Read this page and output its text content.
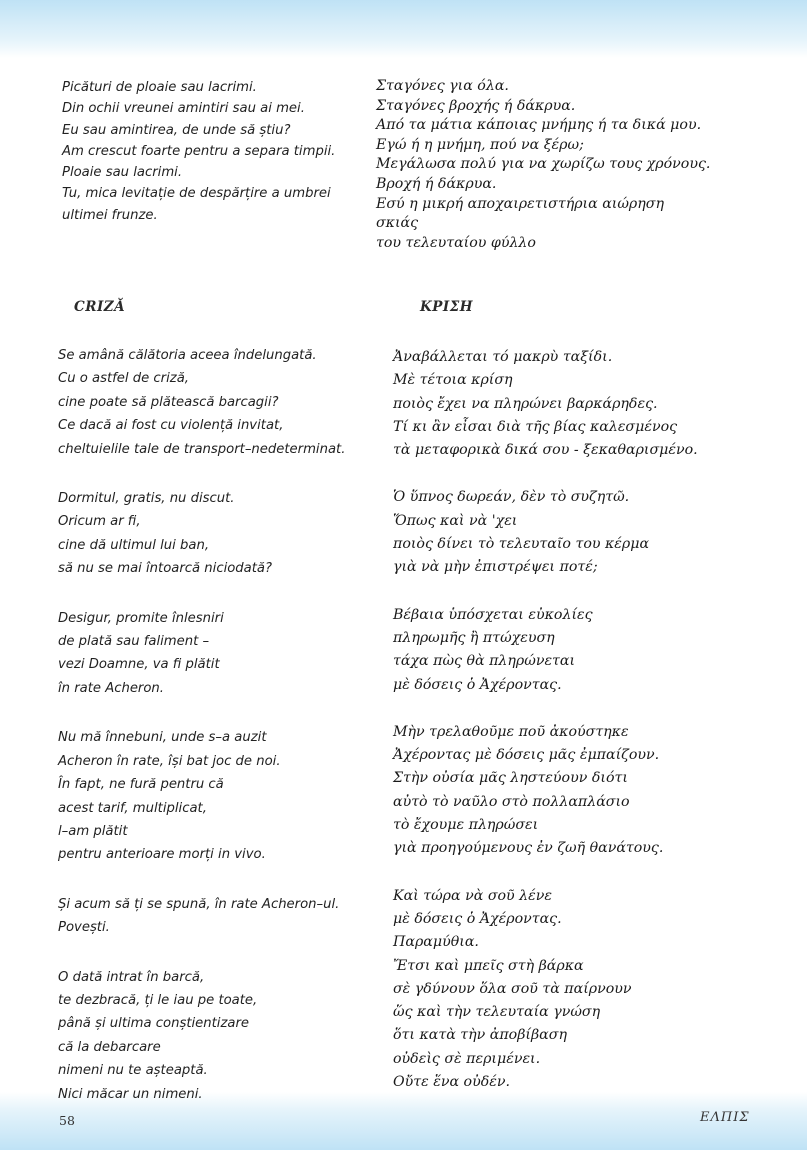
Picături de ploaie sau lacrimi.
Din ochii vreunei amintiri sau ai mei.
Eu sau amintirea, de unde să știu?
Am crescut foarte pentru a separa timpii.
Ploaie sau lacrimi.
Tu, mica levitație de despărțire a umbrei
ultimei frunze.
Σταγόνες για όλα.
Σταγόνες βροχής ή δάκρυα.
Από τα μάτια κάποιας μνήμης ή τα δικά μου.
Εγώ ή η μνήμη, πού να ξέρω;
Μεγάλωσα πολύ για να χωρίζω τους χρόνους.
Βροχή ή δάκρυα.
Εσύ η μικρή αποχαιρετιστήρια αιώρηση
σκιάς
του τελευταίου φύλλο
CRIZĂ	ΚΡΙΣΗ
Se amână călătoria aceea îndelungată.
Cu o astfel de criză,
cine poate să plătească barcagii?
Ce dacă ai fost cu violență invitat,
cheltuielile tale de transport–nedeterminat.
Dormitul, gratis, nu discut.
Oricum ar fi,
cine dă ultimul lui ban,
să nu se mai întoarcă niciodată?
Desigur, promite înlesniri
de plată sau faliment –
vezi Doamne, va fi plătit
în rate Acheron.
Nu mă înnebuni, unde s–a auzit
Acheron în rate, își bat joc de noi.
În fapt, ne fură pentru că
acest tarif, multiplicat,
l–am plătit
pentru anterioare morți in vivo.
Și acum să ți se spună, în rate Acheron–ul.
Povești.
O dată intrat în barcă,
te dezbracă, ți le iau pe toate,
până și ultima conștientizare
că la debarcare
nimeni nu te așteaptă.
Nici măcar un nimeni.
Ἀναβάλλεται τό μακρὺ ταξίδι.
Μὲ τέτοια κρίση
ποιὸς ἔχει να πληρώνει βαρκάρηδες.
Τί κι ἂν εἶσαι διὰ τῆς βίας καλεσμένος
τὰ μεταφορικὰ δικά σου - ξεκαθαρισμένο.
Ὁ ὕπνος δωρεάν, δὲν τὸ συζητῶ.
Ὅπως καὶ νὰ 'χει
ποιὸς δίνει τὸ τελευταῖο του κέρμα
γιὰ νὰ μὴν ἐπιστρέψει ποτέ;
Βέβαια ὑπόσχεται εὐκολίες
πληρωμῆς ἢ πτώχευση
τάχα πὼς θὰ πληρώνεται
μὲ δόσεις ὁ Ἀχέροντας.
Μὴν τρελαθοῦμε ποῦ ἀκούστηκε
Ἀχέροντας μὲ δόσεις μᾶς ἐμπαίζουν.
Στὴν οὐσία μᾶς ληστεύουν διότι
αὐτὸ τὸ ναῦλο στὸ πολλαπλάσιο
τὸ ἔχουμε πληρώσει
γιὰ προηγούμενους ἐν ζωῆ θανάτους.
Καὶ τώρα νὰ σοῦ λένε
μὲ δόσεις ὁ Ἀχέροντας.
Παραμύθια.
Ἔτσι καὶ μπεῖς στὴ βάρκα
σὲ γδύνουν ὅλα σοῦ τὰ παίρνουν
ὥς καὶ τὴν τελευταία γνώση
ὅτι κατὰ τὴν ἀποβίβαση
οὐδεὶς σὲ περιμένει.
Οὔτε ἕνα οὐδέν.
58	ΕΛΠΙΣ
